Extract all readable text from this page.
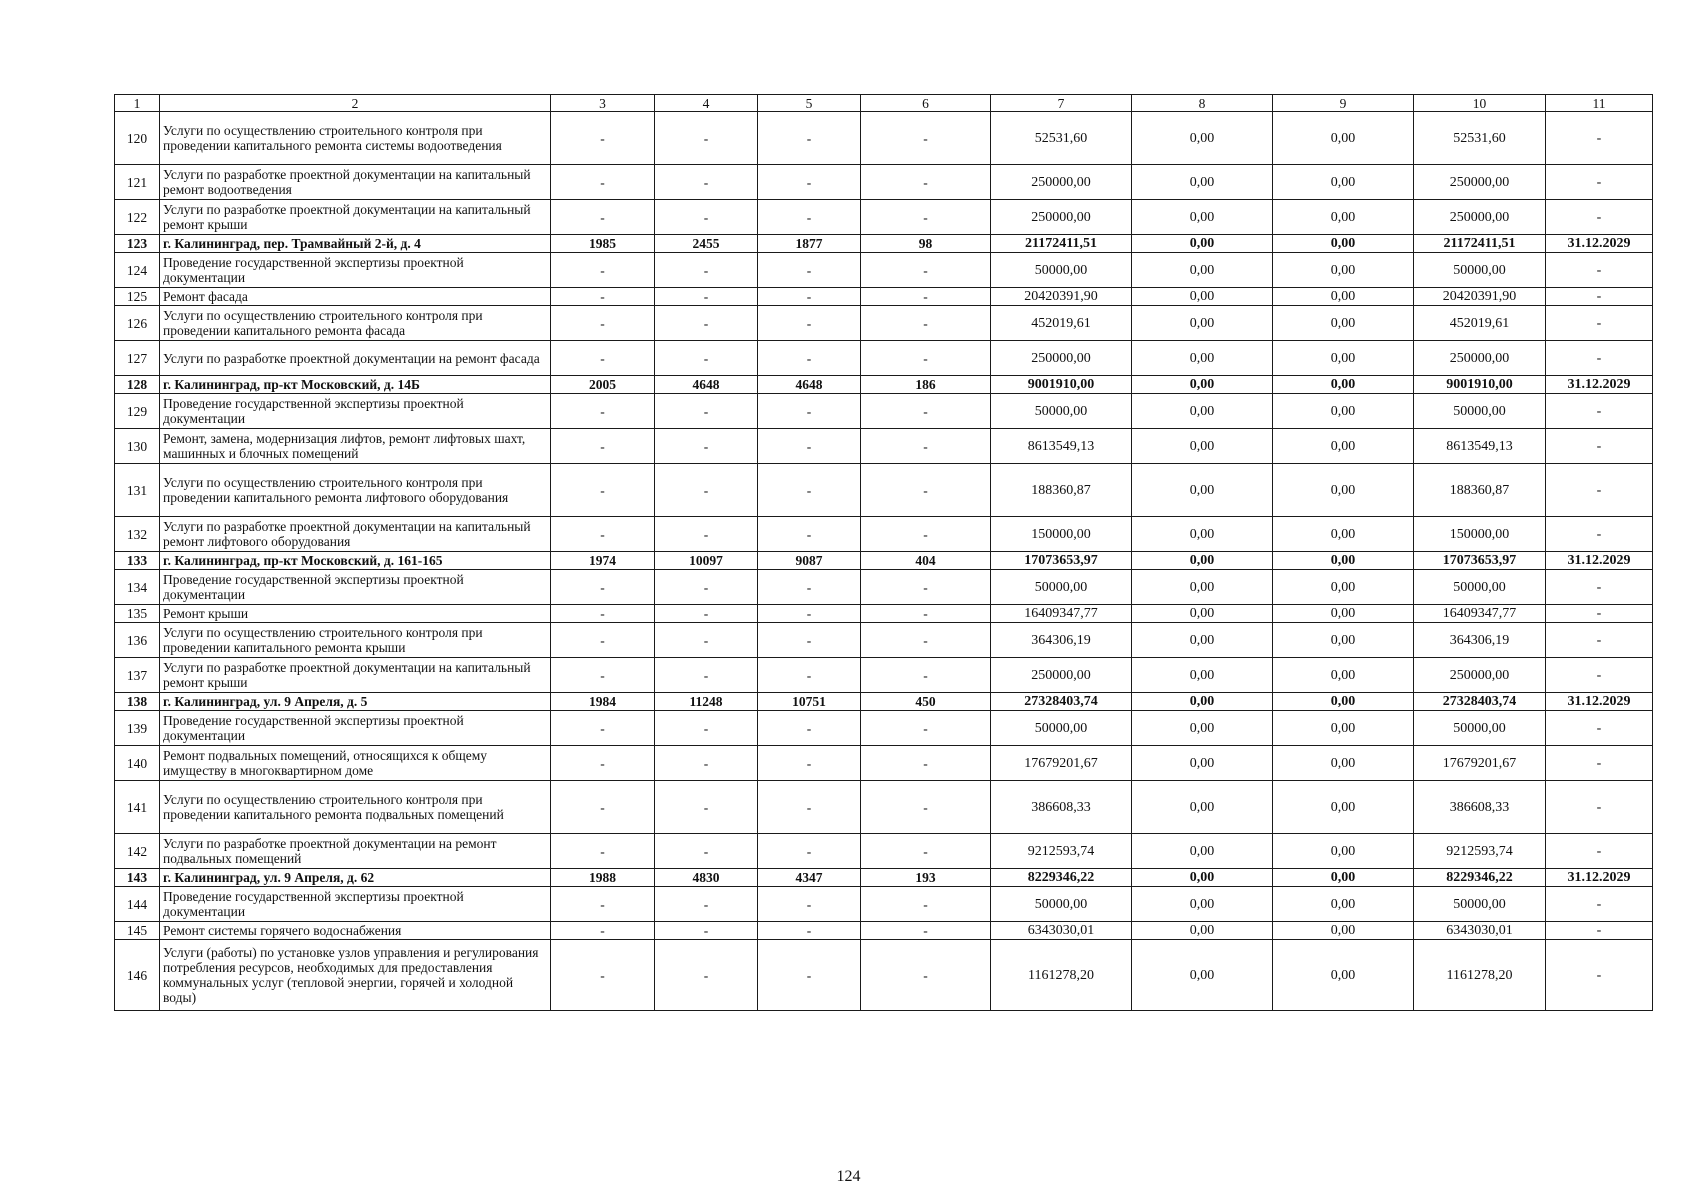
1	2	3	4	5	6	7	8	9	10	11
120	Услуги по осуществлению строительного контроля при проведении капитального ремонта системы водоотведения	-	-	-	-	52531,60	0,00	0,00	52531,60	-
121	Услуги по разработке проектной документации на капитальный ремонт водоотведения	-	-	-	-	250000,00	0,00	0,00	250000,00	-
122	Услуги по разработке проектной документации на капитальный ремонт крыши	-	-	-	-	250000,00	0,00	0,00	250000,00	-
123	г. Калининград, пер. Трамвайный 2-й, д. 4	1985	2455	1877	98	21172411,51	0,00	0,00	21172411,51	31.12.2029
124	Проведение государственной экспертизы проектной документации	-	-	-	-	50000,00	0,00	0,00	50000,00	-
125	Ремонт фасада	-	-	-	-	20420391,90	0,00	0,00	20420391,90	-
126	Услуги по осуществлению строительного контроля при проведении капитального ремонта фасада	-	-	-	-	452019,61	0,00	0,00	452019,61	-
127	Услуги по разработке проектной документации на ремонт фасада	-	-	-	-	250000,00	0,00	0,00	250000,00	-
128	г. Калининград, пр-кт Московский, д. 14Б	2005	4648	4648	186	9001910,00	0,00	0,00	9001910,00	31.12.2029
129	Проведение государственной экспертизы проектной документации	-	-	-	-	50000,00	0,00	0,00	50000,00	-
130	Ремонт, замена, модернизация лифтов, ремонт лифтовых шахт, машинных и блочных помещений	-	-	-	-	8613549,13	0,00	0,00	8613549,13	-
131	Услуги по осуществлению строительного контроля при проведении капитального ремонта лифтового оборудования	-	-	-	-	188360,87	0,00	0,00	188360,87	-
132	Услуги по разработке проектной документации на капитальный ремонт лифтового оборудования	-	-	-	-	150000,00	0,00	0,00	150000,00	-
133	г. Калининград, пр-кт Московский, д. 161-165	1974	10097	9087	404	17073653,97	0,00	0,00	17073653,97	31.12.2029
134	Проведение государственной экспертизы проектной документации	-	-	-	-	50000,00	0,00	0,00	50000,00	-
135	Ремонт крыши	-	-	-	-	16409347,77	0,00	0,00	16409347,77	-
136	Услуги по осуществлению строительного контроля при проведении капитального ремонта крыши	-	-	-	-	364306,19	0,00	0,00	364306,19	-
137	Услуги по разработке проектной документации на капитальный ремонт крыши	-	-	-	-	250000,00	0,00	0,00	250000,00	-
138	г. Калининград, ул. 9 Апреля, д. 5	1984	11248	10751	450	27328403,74	0,00	0,00	27328403,74	31.12.2029
139	Проведение государственной экспертизы проектной документации	-	-	-	-	50000,00	0,00	0,00	50000,00	-
140	Ремонт подвальных помещений, относящихся к общему имуществу в многоквартирном доме	-	-	-	-	17679201,67	0,00	0,00	17679201,67	-
141	Услуги по осуществлению строительного контроля при проведении капитального ремонта подвальных помещений	-	-	-	-	386608,33	0,00	0,00	386608,33	-
142	Услуги по разработке проектной документации на ремонт подвальных помещений	-	-	-	-	9212593,74	0,00	0,00	9212593,74	-
143	г. Калининград, ул. 9 Апреля, д. 62	1988	4830	4347	193	8229346,22	0,00	0,00	8229346,22	31.12.2029
144	Проведение государственной экспертизы проектной документации	-	-	-	-	50000,00	0,00	0,00	50000,00	-
145	Ремонт системы горячего водоснабжения	-	-	-	-	6343030,01	0,00	0,00	6343030,01	-
146	Услуги (работы) по установке узлов управления и регулирования потребления ресурсов, необходимых для предоставления коммунальных услуг (тепловой энергии, горячей и холодной воды)	-	-	-	-	1161278,20	0,00	0,00	1161278,20	-
124
